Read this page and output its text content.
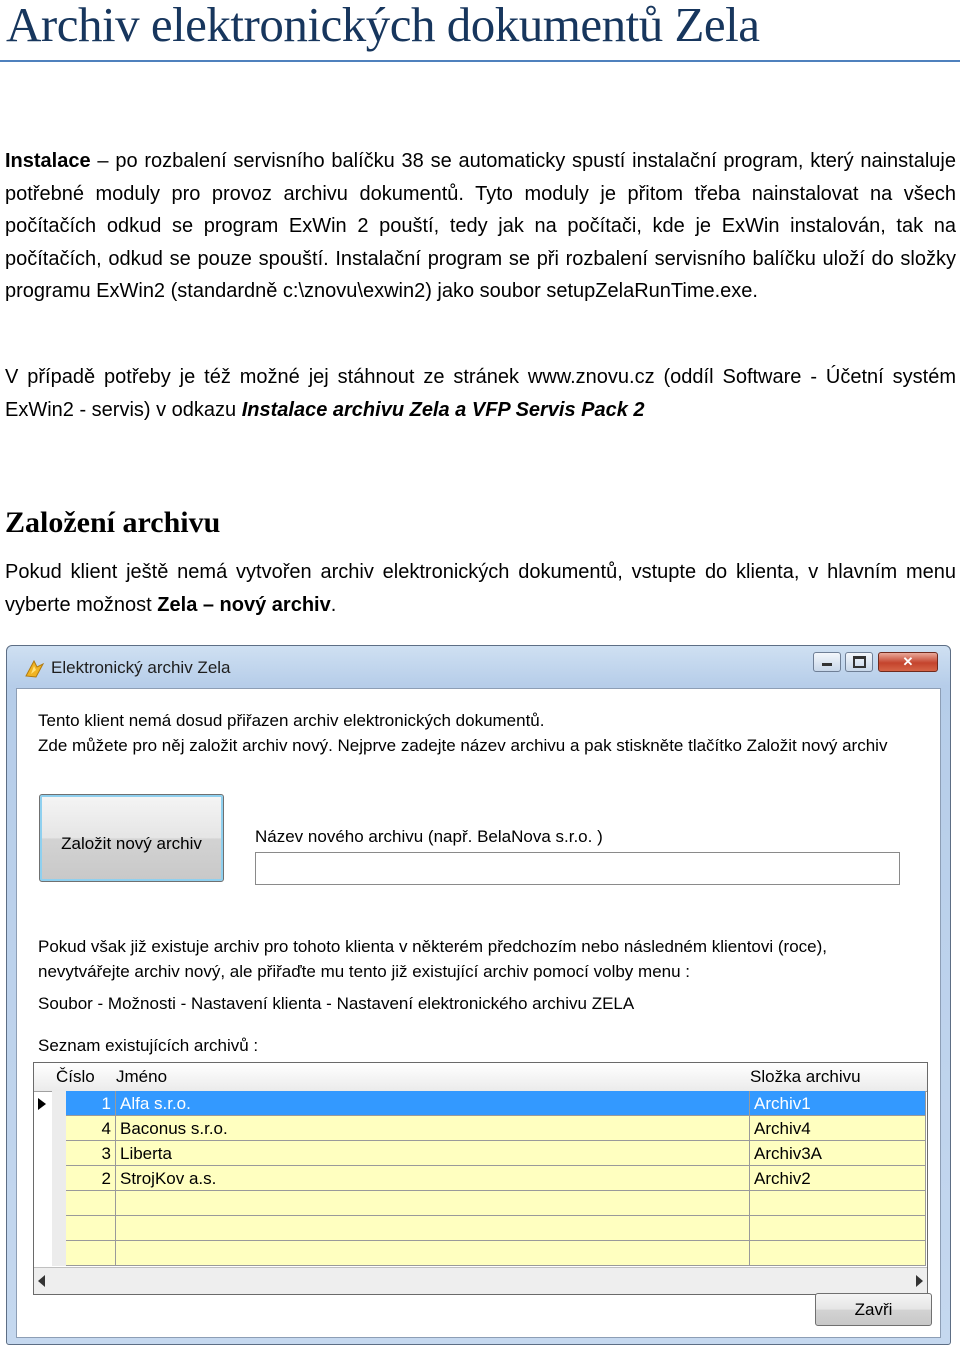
Archiv elektronických dokumentů Zela

Instalace – po rozbalení servisního balíčku 38 se automaticky spustí instalační program, který nainstaluje potřebné moduly pro provoz archivu dokumentů. Tyto moduly je přitom třeba nainstalovat na všech počítačích odkud se program ExWin 2 pouští, tedy jak na počítači, kde je ExWin instalován, tak na počítačích, odkud se pouze spouští. Instalační program se při rozbalení servisního balíčku uloží do složky programu ExWin2 (standardně c:\znovu\exwin2) jako soubor setupZelaRunTime.exe.

V případě potřeby je též možné jej stáhnout ze stránek www.znovu.cz (oddíl Software - Účetní systém ExWin2 - servis) v odkazu Instalace archivu Zela a VFP Servis Pack 2

Založení archivu

Pokud klient ještě nemá vytvořen archiv elektronických dokumentů, vstupte do klienta, v hlavním menu vyberte možnost Zela – nový archiv.

Elektronický archiv Zela	✕

Tento klient nemá dosud přiřazen archiv elektronických dokumentů.

Zde můžete pro něj založit archiv nový. Nejprve zadejte název archivu a pak stiskněte tlačítko Založit nový archiv

Založit nový archiv	Název nového archivu (např. BelaNova s.r.o. )

Pokud však již existuje archiv pro tohoto klienta v některém předchozím nebo následném klientovi (roce),

nevytvářejte archiv nový, ale přiřaďte mu tento již existující archiv pomocí volby menu :

Soubor - Možnosti - Nastavení klienta - Nastavení elektronického archivu ZELA

Seznam existujících archivů :

Číslo Jméno	Složka archivu
1 Alfa s.r.o.	Archiv1
4 Baconus s.r.o.	Archiv4
3 Liberta	Archiv3A
2 StrojKov a.s.	Archiv2
Zavři
